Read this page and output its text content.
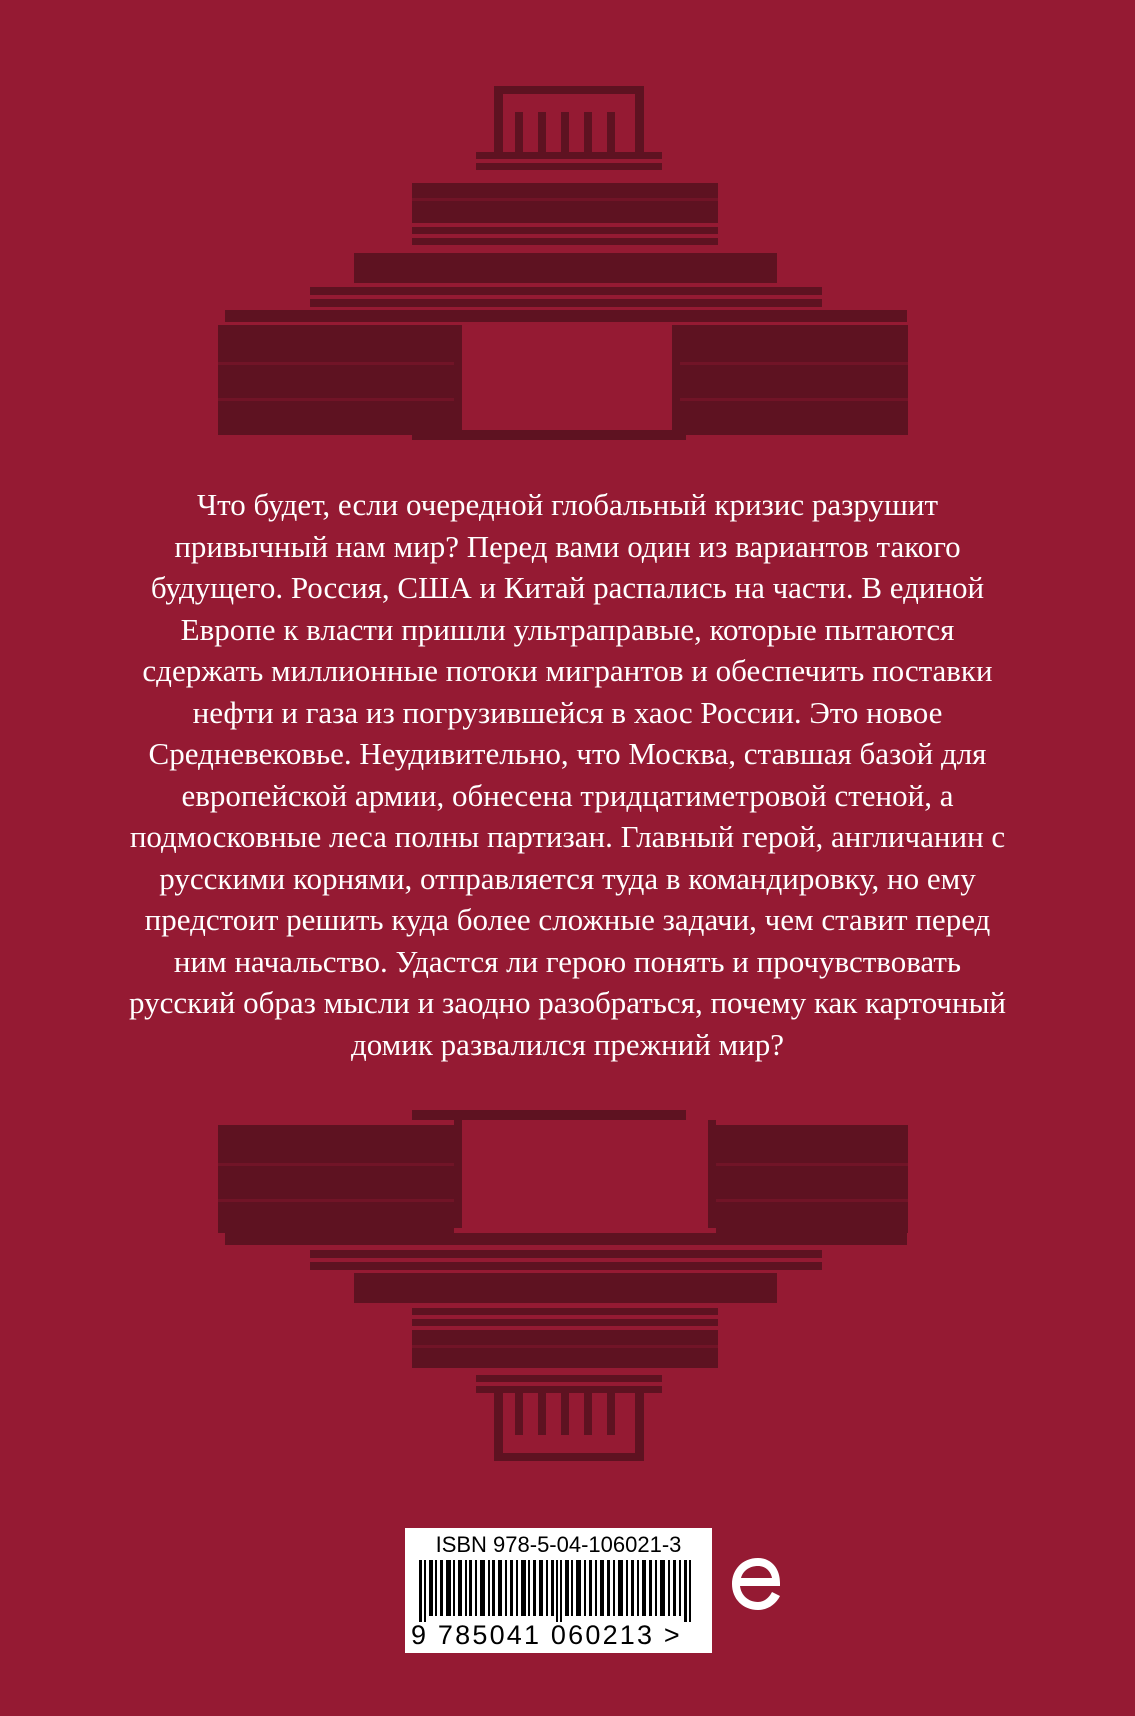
Что будет, если очередной глобальный кризис разрушит привычный нам мир? Перед вами один из вариантов такого будущего. Россия, США и Китай распались на части. В единой Европе к власти пришли ультраправые, которые пытаются сдержать миллионные потоки мигрантов и обеспечить поставки нефти и газа из погрузившейся в хаос России. Это новое Средневековье. Неудивительно, что Москва, ставшая базой для европейской армии, обнесена тридцатиметровой стеной, а подмосковные леса полны партизан. Главный герой, англичанин с русскими корнями, отправляется туда в командировку, но ему предстоит решить куда более сложные задачи, чем ставит перед ним начальство. Удастся ли герою понять и прочувствовать русский образ мысли и заодно разобраться, почему как карточный домик развалился прежний мир?

ISBN 978-5-04-106021-3
9 785041 060213 >
